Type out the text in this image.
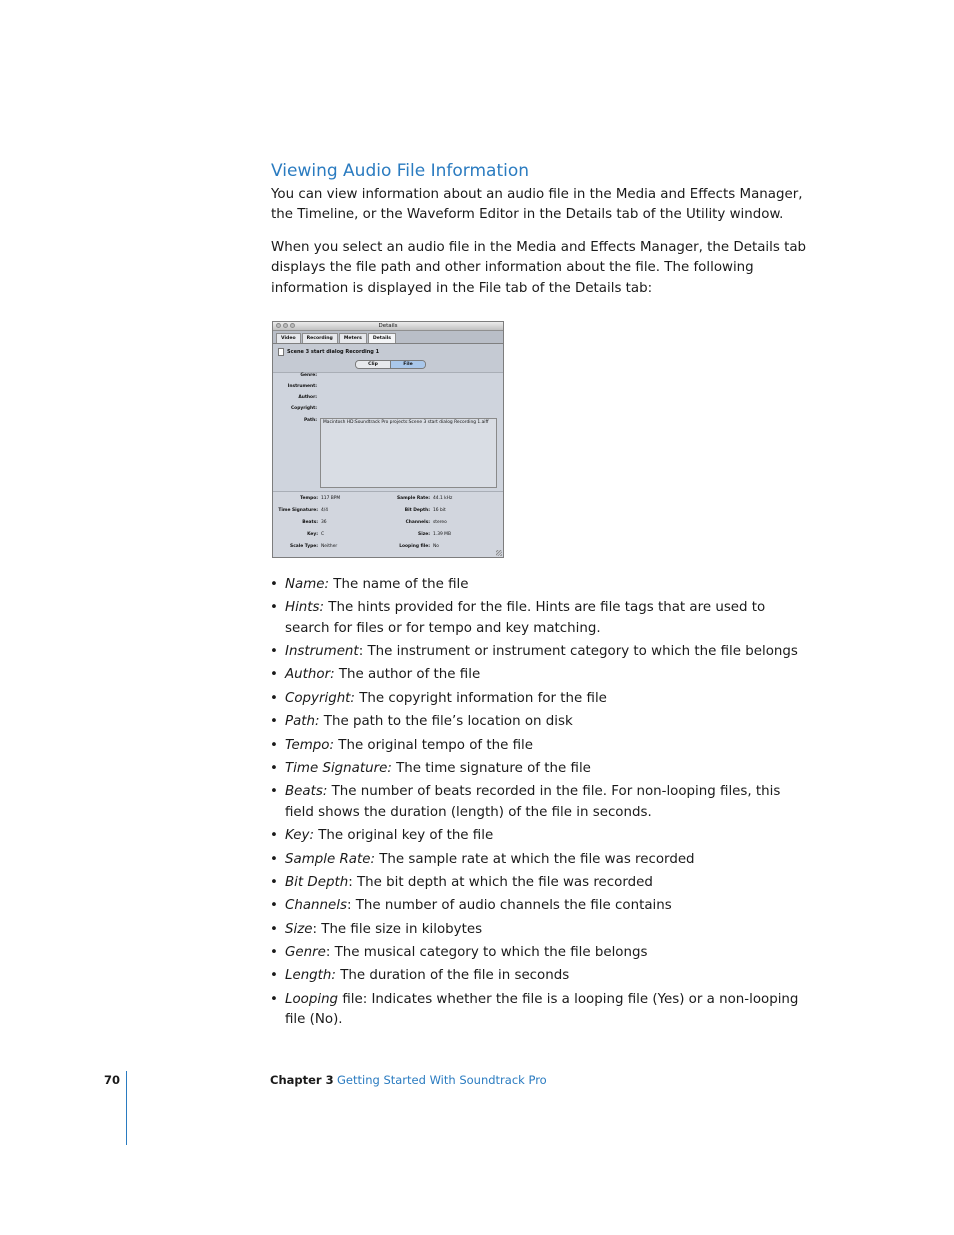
Viewing Audio File Information

You can view information about an audio file in the Media and Effects Manager, the Timeline, or the Waveform Editor in the Details tab of the Utility window.

When you select an audio file in the Media and Effects Manager, the Details tab displays the file path and other information about the file. The following information is displayed in the File tab of the Details tab:

Details
Video	Recording	Meters	Details
Scene 3 start dialog Recording 1
Clip	File
Genre:
Instrument:
Author:
Copyright:
Path:	Macintosh HD:Soundtrack Pro projects:Scene 3 start dialog Recording 1.aiff
Tempo: 117 BPM
Time Signature: 4/4
Beats: 36
Key: C
Scale Type: Neither
Sample Rate: 44.1 kHz
Bit Depth: 16 bit
Channels: stereo
Size: 1.39 MB
Looping file: No
• Name: The name of the file
• Hints: The hints provided for the file. Hints are file tags that are used to search for files or for tempo and key matching.
• Instrument: The instrument or instrument category to which the file belongs
• Author: The author of the file
• Copyright: The copyright information for the file
• Path: The path to the file’s location on disk
• Tempo: The original tempo of the file
• Time Signature: The time signature of the file
• Beats: The number of beats recorded in the file. For non-looping files, this field shows the duration (length) of the file in seconds.
• Key: The original key of the file
• Sample Rate: The sample rate at which the file was recorded
• Bit Depth: The bit depth at which the file was recorded
• Channels: The number of audio channels the file contains
• Size: The file size in kilobytes
• Genre: The musical category to which the file belongs
• Length: The duration of the file in seconds
• Looping file: Indicates whether the file is a looping file (Yes) or a non-looping file (No).
70	Chapter 3 Getting Started With Soundtrack Pro
